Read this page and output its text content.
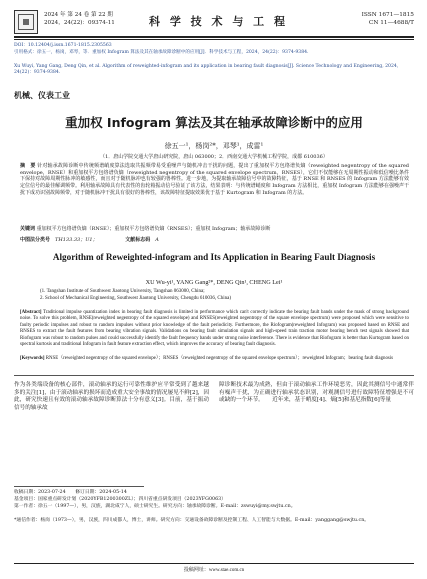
2024 年 第 24 卷 第 22 期
2024，24(22)：09374-11	科 学 技 术 与 工 程	ISSN 1671—1815
CN 11—4688/T
DOI：10.12404/j.issn.1671-1815.2305563
引用格式：徐五一，杨岗，邓琴，等．重加权 Infogram 算法及其在轴承故障诊断中的应用[J]．科学技术与工程，2024，24(22)：9374-9384.
Xu Wuyi, Yang Gang, Deng Qin, et al. Algorithm of reweighted-infogram and its application in bearing fault diagnosis[J]. Science Technology and Engineering, 2024, 24(22)：9374-9384.
机械、仪表工业
重加权 Infogram 算法及其在轴承故障诊断中的应用
徐五一¹，杨岗²*，邓琴¹，成雷¹
（1．唐山学院交通大学唐山研究院，唐山 063000；2．西南交通大学机械工程学院，成都 610036）
摘　要 针对轴承故障诊断中传统频谱峭度算法选取共振频带易受重噪声与随机冲击干扰的问题，提出了重加权平方包络谱负熵（reweighted negentropy of the squared envelope，RNSE）和重加权平方包络谱负熵（reweighted negentropy of the squared envelope spectrum，RNSES），它们不仅能够在无周期性振动和低信噪比条件下保持对故障周期性脉冲的敏感性，而且对于随机脉冲也有较强的鲁棒性。进一步地，为提取轴承故障信号中的故障特征，基于 RNSE 和 RNSES 的 Infogram 方法能够有效定位信号的最佳解调频带。利用轴承故障具有代表性的齿轮箱振动信号验证了该方法，结果表明：与传统谱峭度和 Infogram 方法相比，重加权 Infogram 方法能够在强噪声干扰下成功识别故障频带，对于随机脉冲干扰具有很好的鲁棒性，该故障特征提取效果优于基于 Kurtogram 和 Infogram 的方法。
关键词 重加权平方包络谱负熵（RNSE）；重加权平方包络谱负熵（RNSES）；重加权 Infogram；轴承故障诊断
中图法分类号　 TH133.33；U1；	文献标志码　 A
Algorithm of Reweighted-infogram and Its Application in Bearing Fault Diagnosis
XU Wu-yi¹, YANG Gang²*, DENG Qin¹, CHENG Lei¹
(1. Tangshan Institute of Southwest Jiaotong University, Tangshan 063000, China;
2. School of Mechanical Engineering, Southwest Jiaotong University, Chengdu 610036, China)
[Abstract] Traditional impulse quantization index in bearing fault diagnosis is limited in performance which can't correctly indicate the bearing fault bands under the mask of strong background noise. To solve this problem, RNSE(reweighted negentropy of the squared envelope) and RNSES(reweighted negentropy of the square envelope spectrum) were proposed which were sensitive to faulty periodic impulses and robust to random impulses without prior knowledge of the fault periodicity. Furthermore, the Riofogram(reweighted Infogram) was proposed based on RNSE and RNSES to extract the fault features from bearing vibration signals. Validations on bearing fault simulation signals and high-speed train traction motor bearing bench test signals showed that Riofogram was robust to random pulses and could successfully identify the fault frequency bands under strong noise interference. There is evidence that Riofogram is better than Kurtogram based on spectral kurtosis and traditional Infogram in fault feature extraction effect, which improves the accuracy of bearing fault diagnosis.
[Keywords] RNSE（reweighted negentropy of the squared envelope）；RNSES（reweighted negentropy of the squared envelope spectrum）；reweighted Infogram；bearing fault diagnosis
作为各类端设备的核心部件，滚动轴承的运行可靠性维护应平常受到了越来越多的关注[1]，由于滚动轴承的损坏而造成重大安全事故的情况屡见不鲜[2]，因此，研究快速且有效的滚动轴承故障诊断算法十分有意义[3]。目前，基于振动信号的轴承故
障诊断技术最为成熟，但由于滚动轴承工作环境恶劣，因此其测信号中通常伴有噪声干扰，为正确进行轴承状态识别，对观测信号进行故障特征增强是不可或缺的一个环节。　　近年来，基于峭度[4]、熵[5]和基尼指数[6]等量
收稿日期：2023-07-24　　修订日期：2024-05-14
基金项目：国家重点研发计划（2020YFB1200300ZL）；四川省重点研发项目（2023YFG0063）
第一作者：徐五一（1997—），男，汉族，湖北咸宁人，硕士研究生。研究方向：轴承故障诊断。E-mail：zswuyi@my.swjtu.cn。
*通信作者：杨岗（1973—），男，汉族，四川成都人，博士，讲师。研究方向：交通设备故障诊断及控制工程、人工智能与大数据。E-mail：yanggang@swjtu.cn。
投稿网址：www.stae.com.cn
